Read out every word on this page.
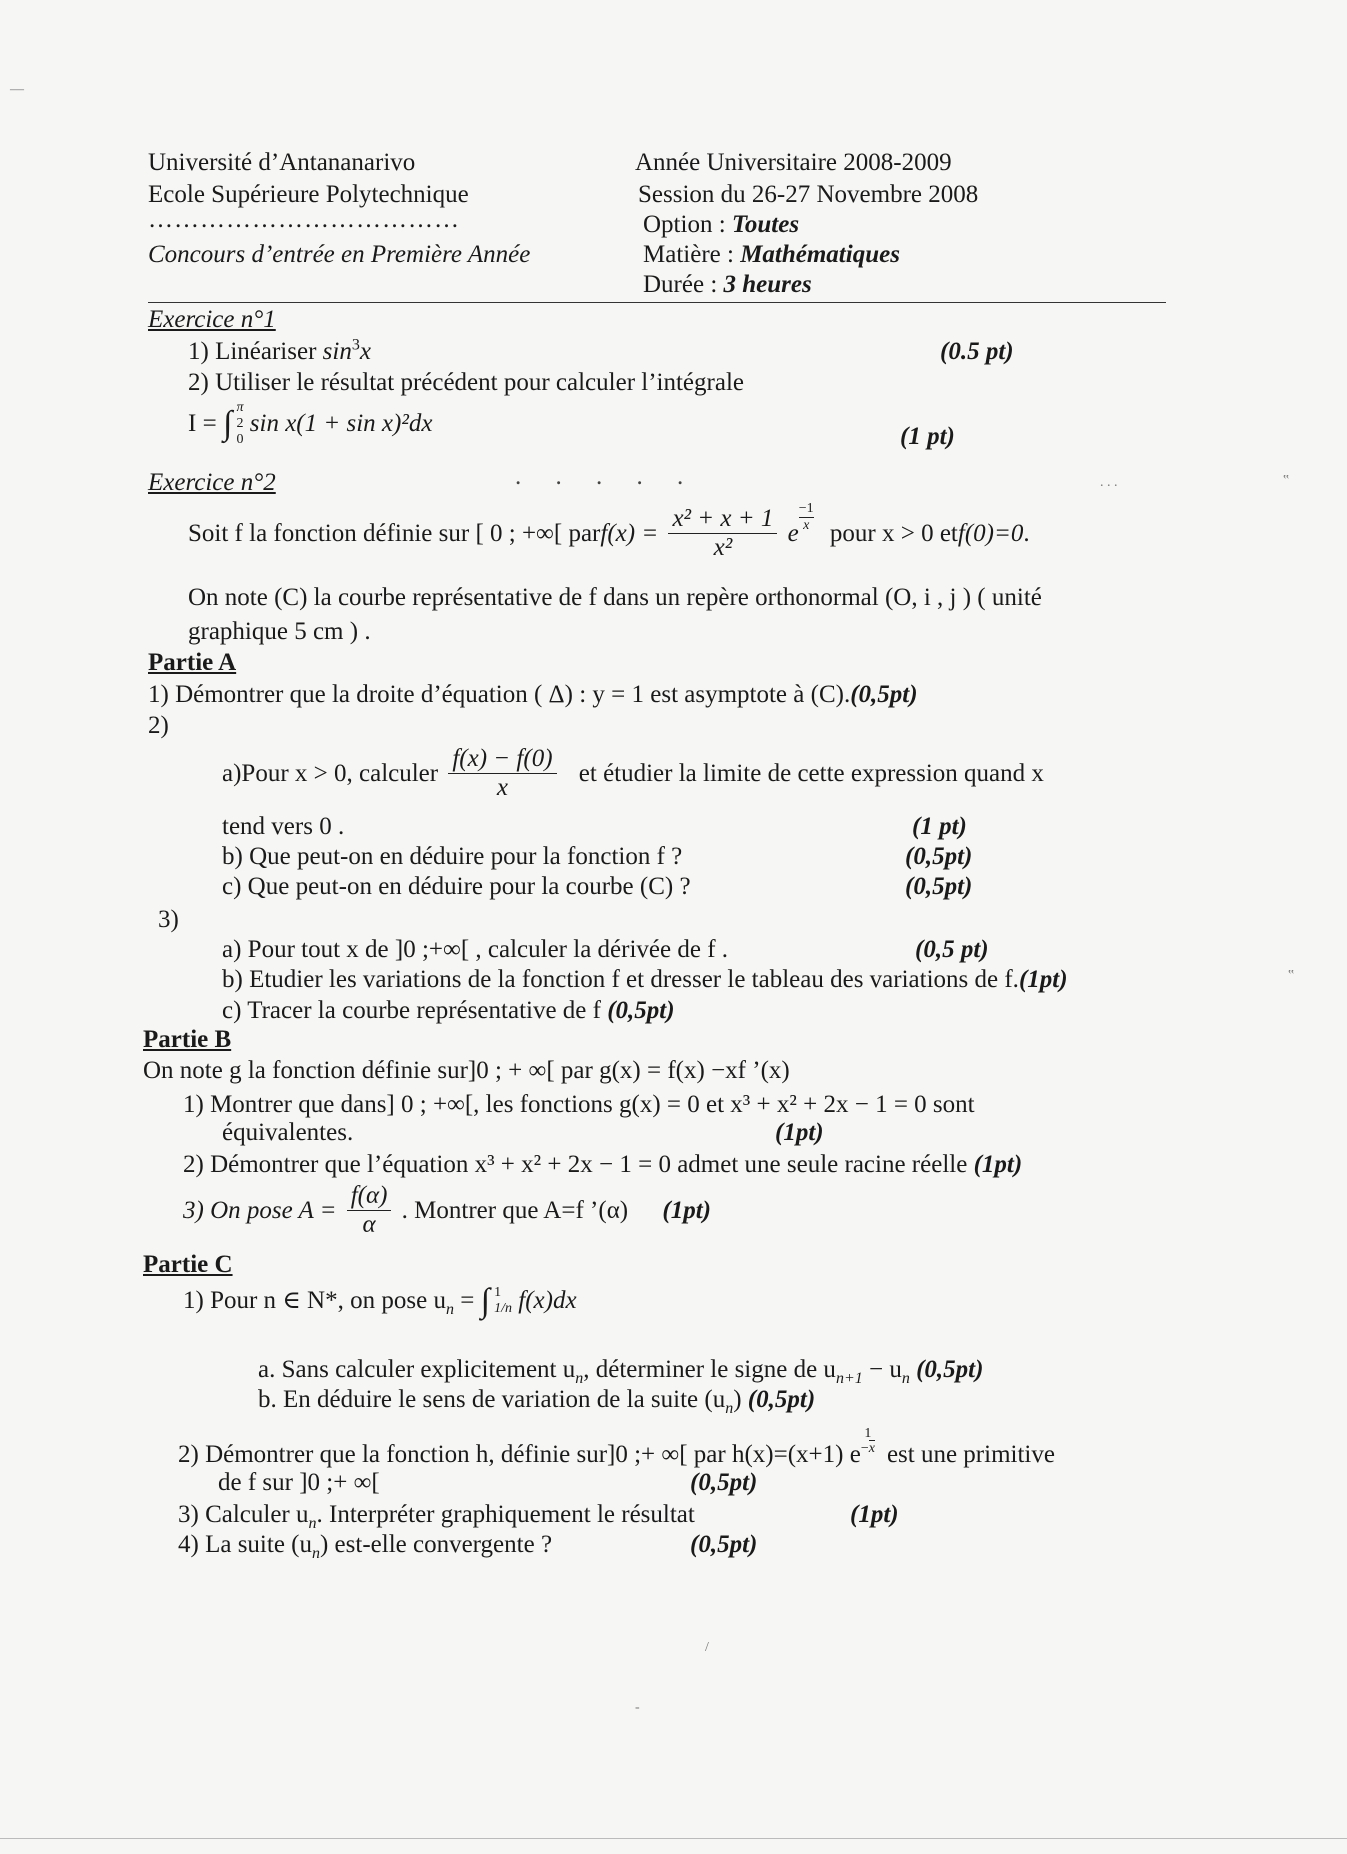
Université d’Antananarivo
Ecole Supérieure Polytechnique
………………………………
Concours d’entrée en Première Année
Année Universitaire 2008-2009
Session du 26-27 Novembre 2008
Option : Toutes
Matière : Mathématiques
Durée : 3 heures
Exercice n°1
1) Linéariser $\sin^3x$	(0.5 pt)
2) Utiliser le résultat précédent pour calculer l’intégrale
I = ∫ π
2
0
sin x(1 + sin x)²dx	(1 pt)
Exercice n°2	. . . . .
Soit f la fonction définie sur [ 0 ; +∞[ parf(x) = $\frac{\text{x² + x + 1}}{\text{x²}}$ e $\frac{-1}{x}$ pour x > 0 etf(0)=0.
On note (C) la courbe représentative de f dans un repère orthonormal (O, i , j ) ( unité
graphique 5 cm ) .
Partie A
1) Démontrer que la droite d’équation ( Δ) : y = 1 est asymptote à (C).(0,5pt)
2)
a)Pour x > 0, calculer $\frac{f(x) - f(0)}{x}$ et étudier la limite de cette expression quand x
tend vers 0 .	(1 pt)
b) Que peut-on en déduire pour la fonction f ?	(0,5pt)
c) Que peut-on en déduire pour la courbe (C) ?	(0,5pt)
3)
a) Pour tout x de ]0 ;+∞[ , calculer la dérivée de f .	(0,5 pt)
b) Etudier les variations de la fonction f et dresser le tableau des variations de f.(1pt)
c) Tracer la courbe représentative de f (0,5pt)
Partie B
On note g la fonction définie sur]0 ; + ∞[ par g(x) = f(x) −xf ’(x)
1) Montrer que dans] 0 ; +∞[, les fonctions g(x) = 0 et x³ + x² + 2x − 1 = 0 sont
équivalentes.	(1pt)
2) Démontrer que l’équation x³ + x² + 2x − 1 = 0 admet une seule racine réelle (1pt)
3) On pose $A = \frac{f(\alpha)}{\alpha}$ . Montrer que A=f ’(α) (1pt)
Partie C
1) Pour n ∈ N*, on pose $u_n$ = ∫ 1
1/n f(x)dx
a. Sans calculer explicitement $u_n$, déterminer le signe de $u_{n+1} - u_n$ (0,5pt)
b. En déduire le sens de variation de la suite $(u_n)$ (0,5pt)
2) Démontrer que la fonction h, définie sur]0 ;+ ∞[ par h(x)=(x+1) e
1
−x est une primitive
de f sur ]0 ;+ ∞[	(0,5pt)
3) Calculer $u_n$. Interpréter graphiquement le résultat	(1pt)
4) La suite $(u_n)$ est-elle convergente ?	(0,5pt)
—
‟
. . .
‟
/
-
